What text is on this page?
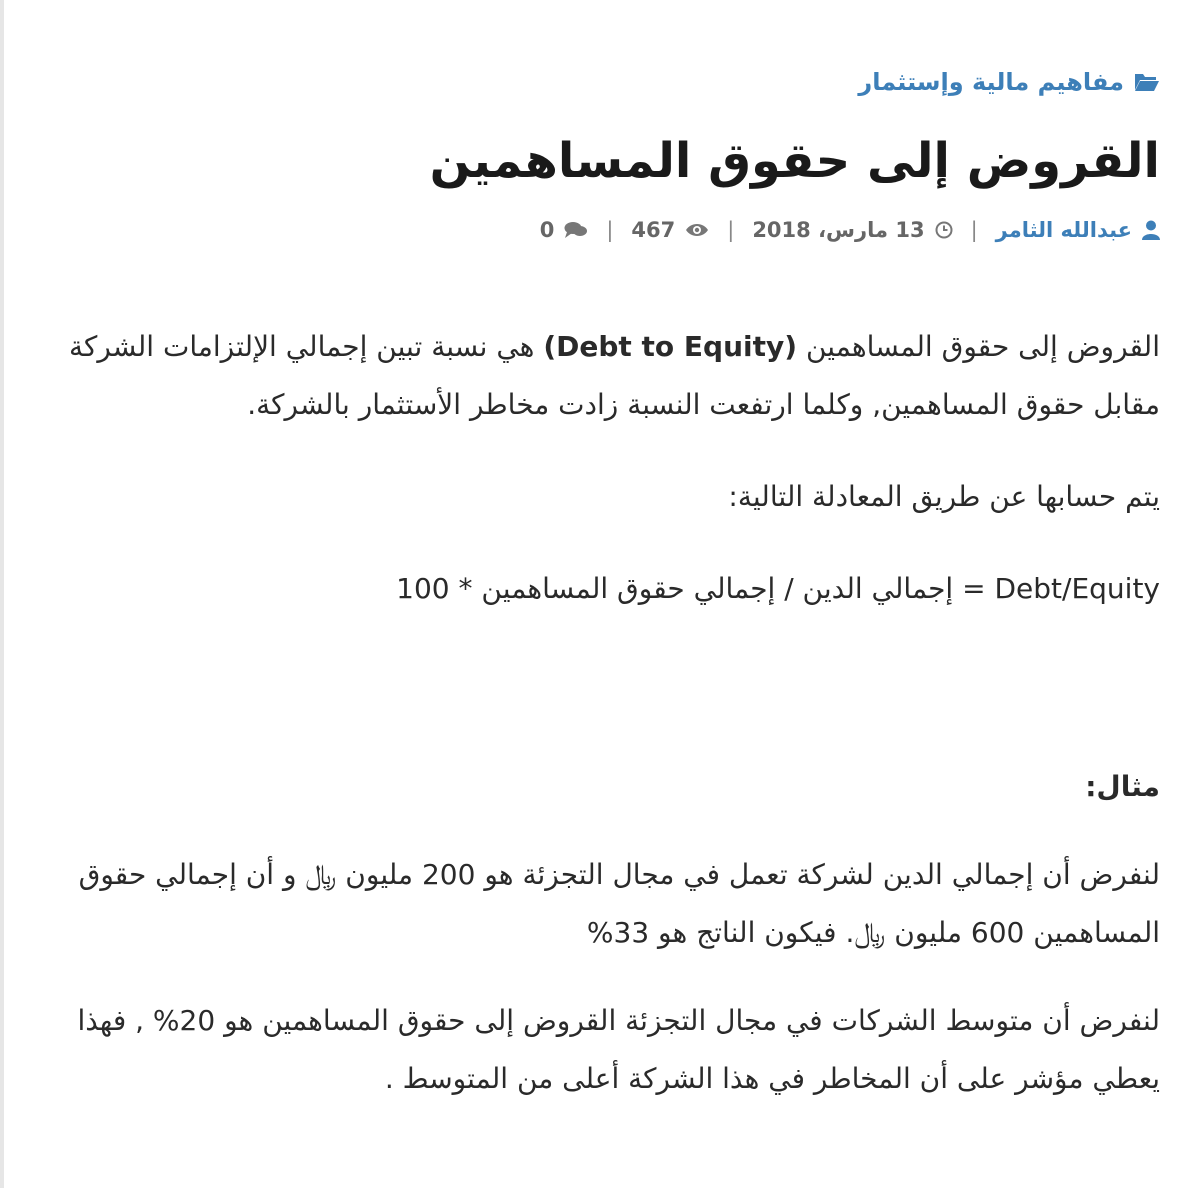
مفاهيم مالية وإستثمار
القروض إلى حقوق المساهمين
عبدالله الثامر
|
13 مارس، 2018
|
467
|
0

القروض إلى حقوق المساهمين (Debt to Equity) هي نسبة تبين إجمالي الإلتزامات الشركة مقابل حقوق المساهمين, وكلما ارتفعت النسبة زادت مخاطر الأستثمار بالشركة.

يتم حسابها عن طريق المعادلة التالية:

Debt/Equity = إجمالي الدين / إجمالي حقوق المساهمين * 100

مثال:

لنفرض أن إجمالي الدين لشركة تعمل في مجال التجزئة هو 200 مليون ﷼ و أن إجمالي حقوق المساهمين 600 مليون ﷼. فيكون الناتج هو 33%

لنفرض أن متوسط الشركات في مجال التجزئة القروض إلى حقوق المساهمين هو 20% , فهذا يعطي مؤشر على أن المخاطر في هذا الشركة أعلى من المتوسط .
